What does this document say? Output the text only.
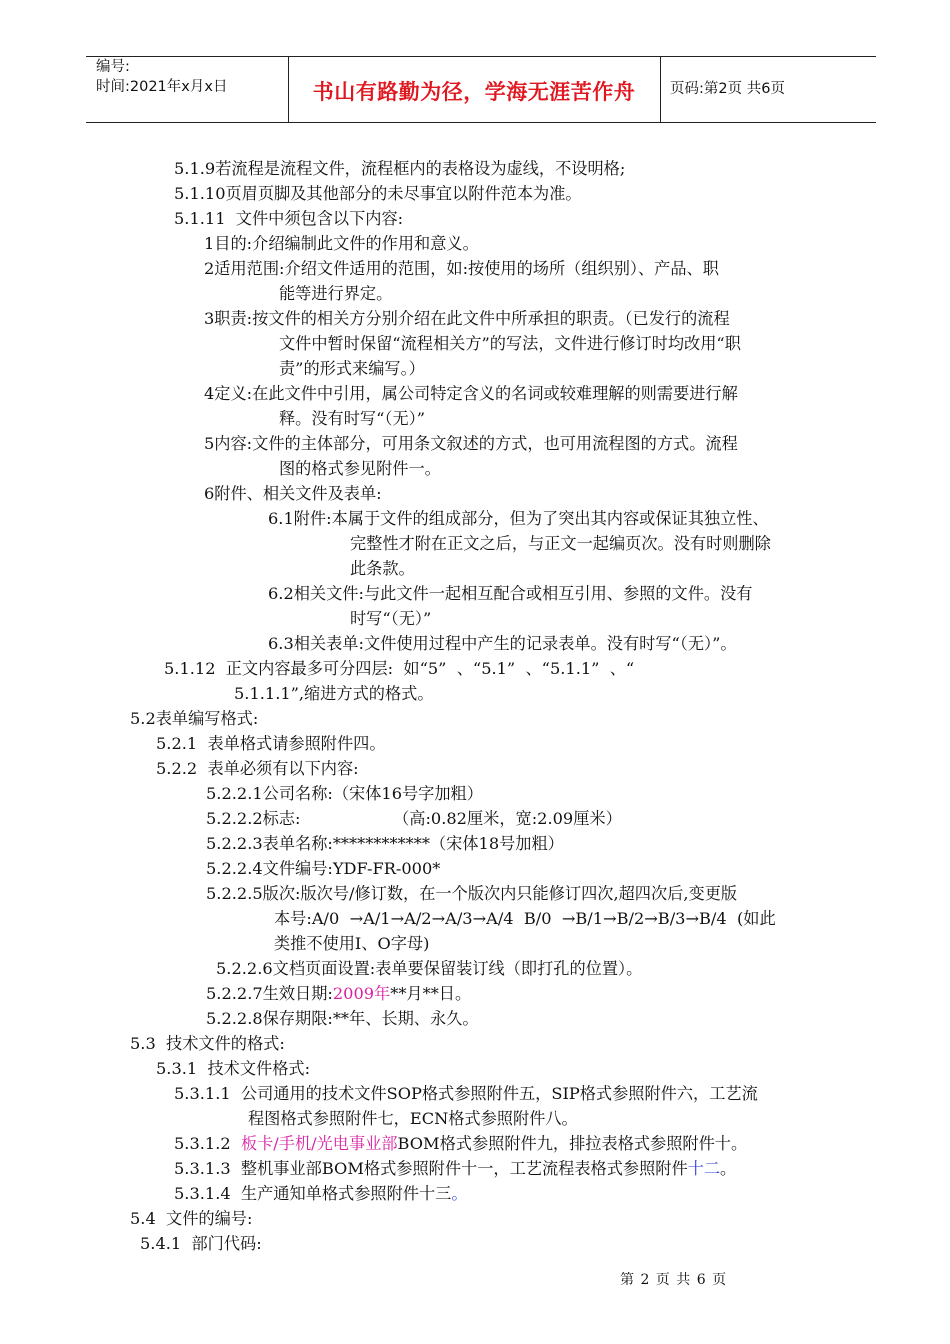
编号:
时间:2021年x月x日	书山有路勤为径，学海无涯苦作舟	页码:第2页 共6页
5.1.9若流程是流程文件，流程框内的表格设为虚线，不设明格;
5.1.10页眉页脚及其他部分的未尽事宜以附件范本为准。
5.1.11  文件中须包含以下内容:
1目的:介绍编制此文件的作用和意义。
2适用范围:介绍文件适用的范围，如:按使用的场所（组织别）、产品、职
能等进行界定。
3职责:按文件的相关方分别介绍在此文件中所承担的职责。（已发行的流程
文件中暂时保留“流程相关方”的写法，文件进行修订时均改用“职
责”的形式来编写。）
4定义:在此文件中引用，属公司特定含义的名词或较难理解的则需要进行解
释。没有时写“（无）”
5内容:文件的主体部分，可用条文叙述的方式，也可用流程图的方式。流程
图的格式参见附件一。
6附件、相关文件及表单:
6.1附件:本属于文件的组成部分，但为了突出其内容或保证其独立性、
完整性才附在正文之后，与正文一起编页次。没有时则删除
此条款。
6.2相关文件:与此文件一起相互配合或相互引用、参照的文件。没有
时写“（无）”
6.3相关表单:文件使用过程中产生的记录表单。没有时写“（无）”。
5.1.12  正文内容最多可分四层:  如“5”  、“5.1”  、“5.1.1”  、“
5.1.1.1”,缩进方式的格式。
5.2表单编写格式:
5.2.1  表单格式请参照附件四。
5.2.2  表单必须有以下内容:
5.2.2.1公司名称:（宋体16号字加粗）
5.2.2.2标志:                  （高:0.82厘米，宽:2.09厘米）
5.2.2.3表单名称:************（宋体18号加粗）
5.2.2.4文件编号:YDF-FR-000*
5.2.2.5版次:版次号/修订数，在一个版次内只能修订四次,超四次后,变更版
本号:A/0  →A/1→A/2→A/3→A/4  B/0  →B/1→B/2→B/3→B/4  (如此
类推不使用I、O字母)
5.2.2.6文档页面设置:表单要保留装订线（即打孔的位置）。
5.2.2.7生效日期:2009年**月**日。
5.2.2.8保存期限:**年、长期、永久。
5.3  技术文件的格式:
5.3.1  技术文件格式:
5.3.1.1  公司通用的技术文件SOP格式参照附件五，SIP格式参照附件六，工艺流
程图格式参照附件七，ECN格式参照附件八。
5.3.1.2  板卡/手机/光电事业部BOM格式参照附件九，排拉表格式参照附件十。
5.3.1.3  整机事业部BOM格式参照附件十一，工艺流程表格式参照附件十二。
5.3.1.4  生产通知单格式参照附件十三。
5.4  文件的编号:
5.4.1  部门代码:
第 2 页 共 6 页
